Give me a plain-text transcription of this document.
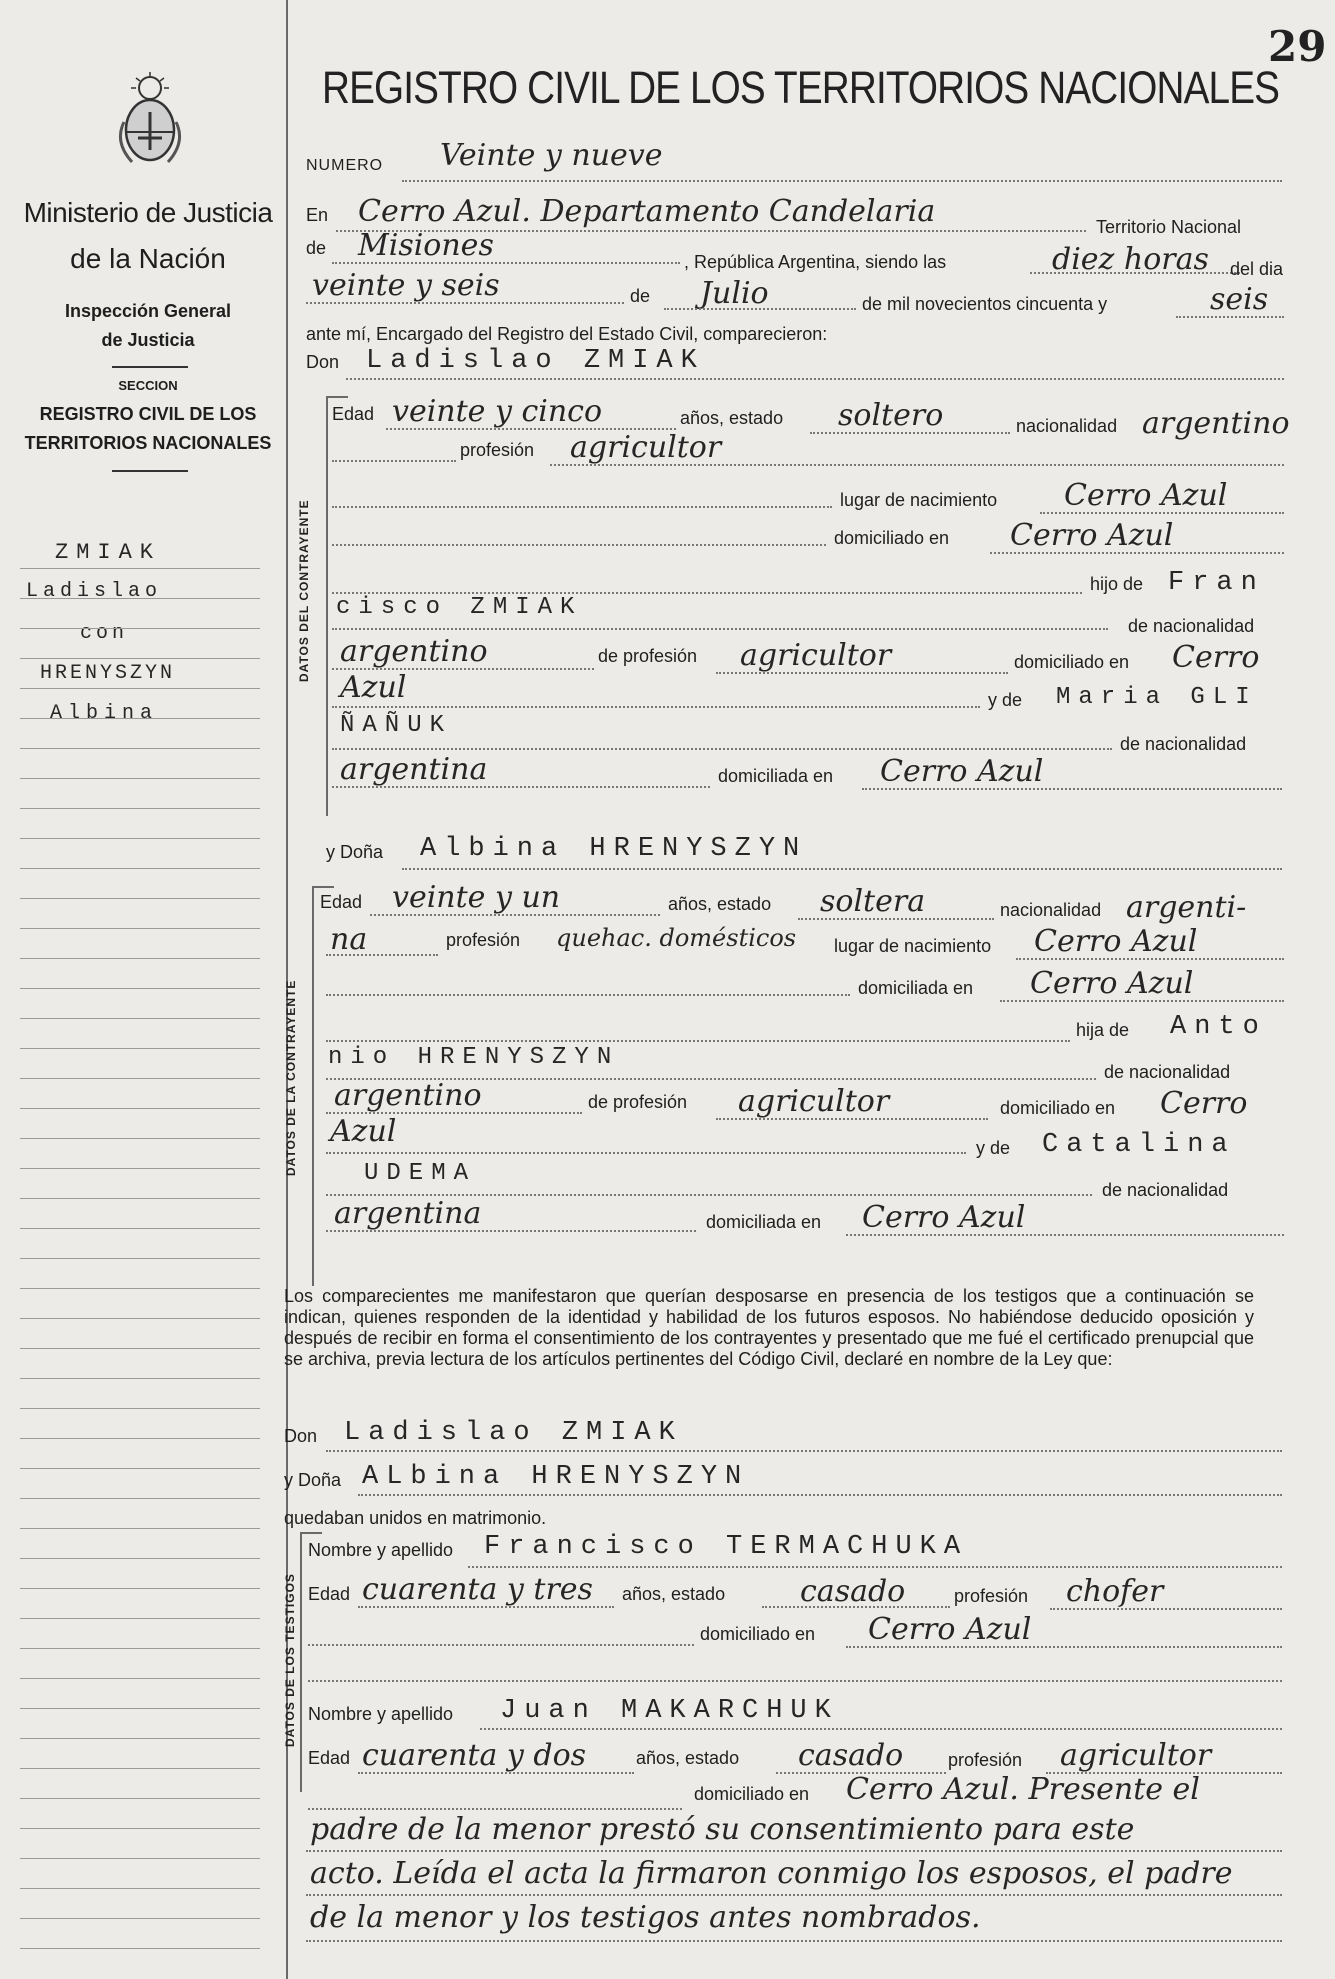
29
Ministerio de Justicia
de la Nación
Inspección General
de Justicia
SECCION
REGISTRO CIVIL DE LOS
TERRITORIOS NACIONALES
ZMIAK
Ladislao
con
HRENYSZYN
Albina
REGISTRO CIVIL DE LOS TERRITORIOS NACIONALES
NUMERO Veinte y nueve
En Cerro Azul. Departamento Candelaria	Territorio Nacional
de Misiones	, República Argentina, siendo las	diez horas del dia
veinte y seis	de Julio	de mil novecientos cincuenta y	seis
ante mí, Encargado del Registro del Estado Civil, comparecieron:
Don Ladislao ZMIAK
DATOS DEL CONTRAYENTE
Edad veinte y cinco	años, estado soltero	nacionalidad argentino
profesión agricultor
lugar de nacimiento Cerro Azul
domiciliado en Cerro Azul
hijo de Fran
cisco ZMIAK
de nacionalidad
argentino	de profesión agricultor	domiciliado en Cerro
Azul	y de Maria GLI
ÑAÑUK
de nacionalidad
argentina	domiciliada en Cerro Azul
y Doña Albina HRENYSZYN
DATOS DE LA CONTRAYENTE
Edad veinte y un	años, estado soltera	nacionalidad argenti-
na	profesión quehac. domésticos lugar de nacimiento Cerro Azul
domiciliada en Cerro Azul
hija de Anto
nio HRENYSZYN
de nacionalidad
argentino	de profesión agricultor	domiciliado en Cerro
Azul	y de Catalina
UDEMA
de nacionalidad
argentina	domiciliada en Cerro Azul
Los comparecientes me manifestaron que querían desposarse en presencia de los testigos que a continuación se indican, quienes responden de la identidad y habilidad de los futuros esposos. No habiéndose deducido oposición y después de recibir en forma el consentimiento de los contrayentes y presentado que me fué el certificado prenupcial que se archiva, previa lectura de los artículos pertinentes del Código Civil, declaré en nombre de la Ley que:
Don Ladislao ZMIAK
y Doña ALbina HRENYSZYN
quedaban unidos en matrimonio.
DATOS DE LOS TESTIGOS
Nombre y apellido Francisco TERMACHUKA
Edad cuarenta y tres años, estado casado	profesión chofer
domiciliado en Cerro Azul
Nombre y apellido Juan MAKARCHUK
Edad cuarenta y dos	años, estado casado profesión agricultor
domiciliado en Cerro Azul. Presente el
padre de la menor prestó su consentimiento para este
acto. Leída el acta la firmaron conmigo los esposos, el padre
de la menor y los testigos antes nombrados.
